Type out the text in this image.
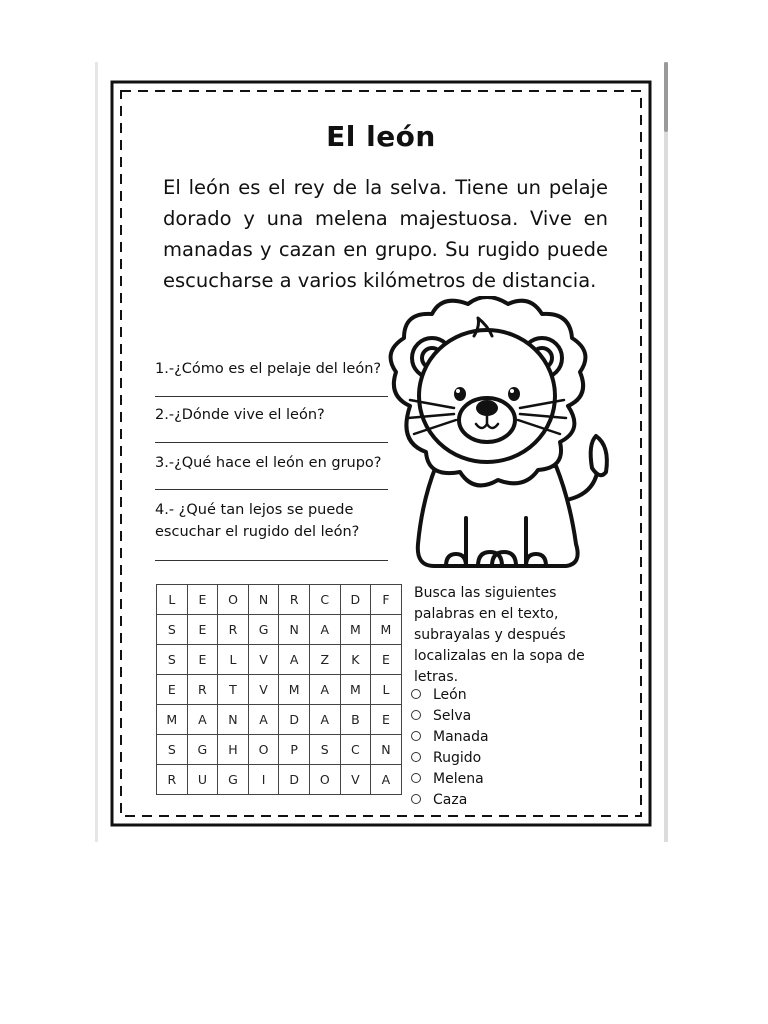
El león

El león es el rey de la selva. Tiene un pelaje dorado y una melena majestuosa. Vive en manadas y cazan en grupo. Su rugido puede escucharse a varios kilómetros de distancia.

1.-¿Cómo es el pelaje del león?

2.-¿Dónde vive el león?

3.-¿Qué hace el león en grupo?

4.- ¿Qué tan lejos se puede escuchar el rugido del león?

L	E	O	N	R	C	D	F
S	E	R	G	N	A	M	M
S	E	L	V	A	Z	K	E
E	R	T	V	M	A	M	L
M	A	N	A	D	A	B	E
S	G	H	O	P	S	C	N
R	U	G	I	D	O	V	A

Busca las siguientes palabras en el texto, subrayalas y después localizalas en la sopa de letras.

León
Selva
Manada
Rugido
Melena
Caza
